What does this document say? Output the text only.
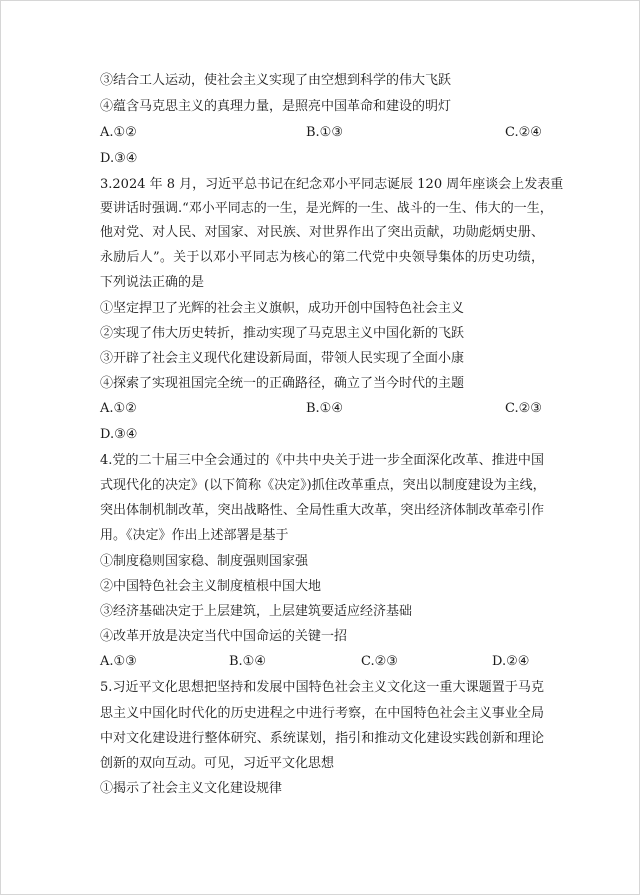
③结合工人运动，使社会主义实现了由空想到科学的伟大飞跃
④蕴含马克思主义的真理力量，是照亮中国革命和建设的明灯
A.①②	B.①③	C.②④
D.③④
3.2024 年 8 月，习近平总书记在纪念邓小平同志诞辰 120 周年座谈会上发表重
要讲话时强调.“邓小平同志的一生，是光辉的一生、战斗的一生、伟大的一生，
他对党、对人民、对国家、对民族、对世界作出了突出贡献，功勋彪炳史册、
永励后人”。关于以邓小平同志为核心的第二代党中央领导集体的历史功绩，
下列说法正确的是
①坚定捍卫了光辉的社会主义旗帜，成功开创中国特色社会主义
②实现了伟大历史转折，推动实现了马克思主义中国化新的飞跃
③开辟了社会主义现代化建设新局面，带领人民实现了全面小康
④探索了实现祖国完全统一的正确路径，确立了当今时代的主题
A.①②	B.①④	C.②③
D.③④
4.党的二十届三中全会通过的《中共中央关于进一步全面深化改革、推进中国
式现代化的决定》(以下简称《决定》)抓住改革重点，突出以制度建设为主线，
突出体制机制改革，突出战略性、全局性重大改革，突出经济体制改革牵引作
用。《决定》作出上述部署是基于
①制度稳则国家稳、制度强则国家强
②中国特色社会主义制度植根中国大地
③经济基础决定于上层建筑，上层建筑要适应经济基础
④改革开放是决定当代中国命运的关键一招
A.①③	B.①④	C.②③	D.②④
5.习近平文化思想把坚持和发展中国特色社会主义文化这一重大课题置于马克
思主义中国化时代化的历史进程之中进行考察，在中国特色社会主义事业全局
中对文化建设进行整体研究、系统谋划，指引和推动文化建设实践创新和理论
创新的双向互动。可见，习近平文化思想
①揭示了社会主义文化建设规律
